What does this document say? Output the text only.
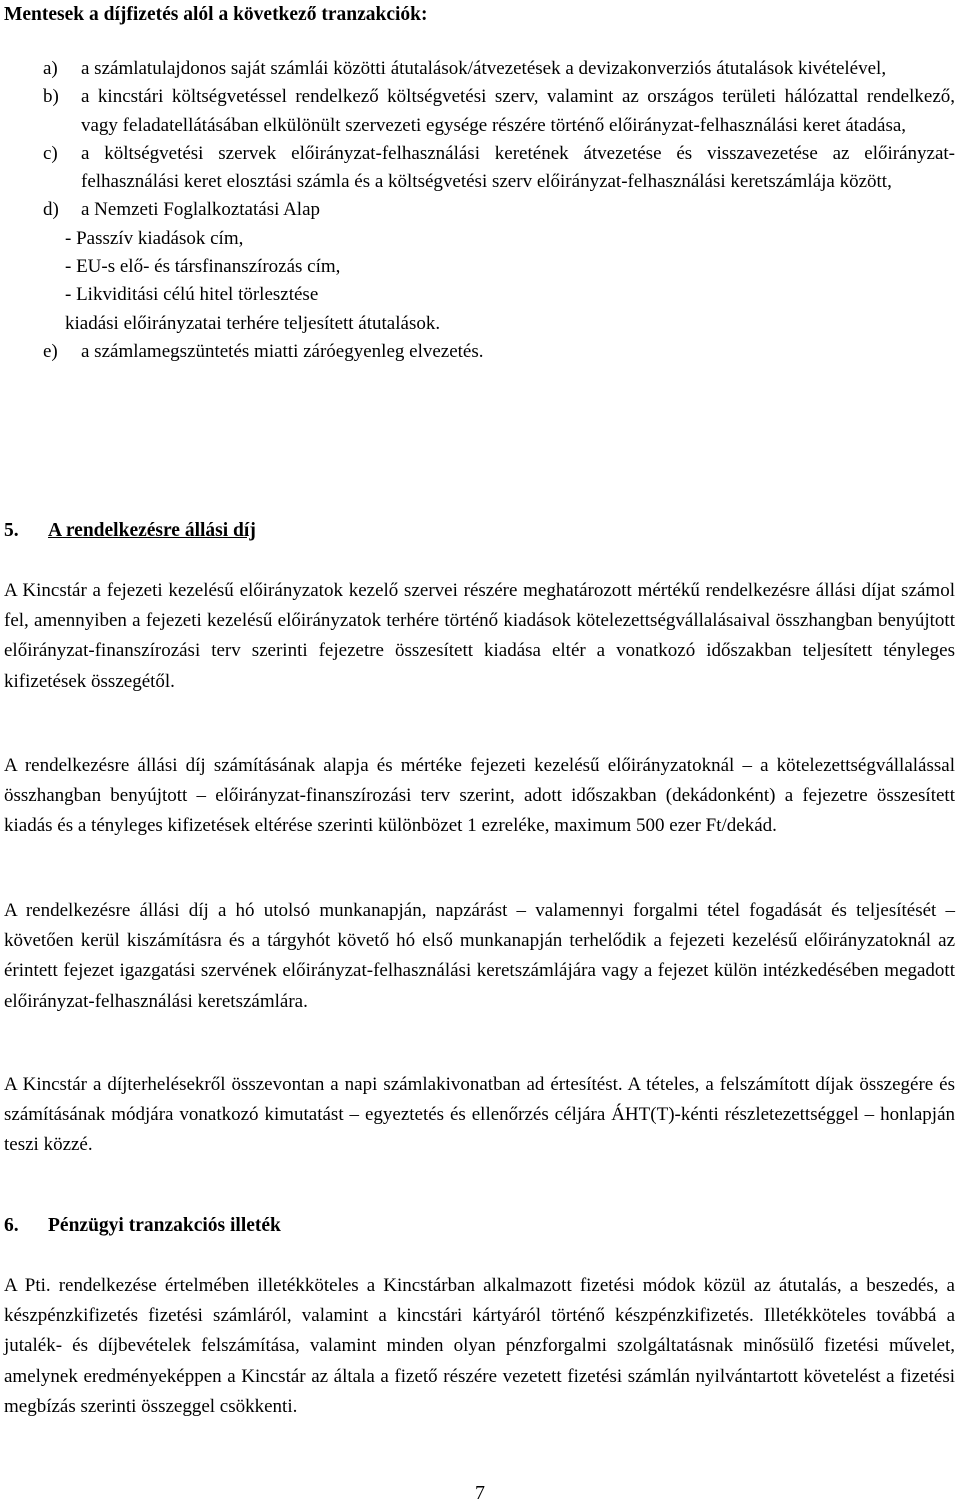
Mentesek a díjfizetés alól a következő tranzakciók:
a)	a számlatulajdonos saját számlái közötti átutalások/átvezetések a devizakonverziós átutalások kivételével,
b)	a kincstári költségvetéssel rendelkező költségvetési szerv, valamint az országos területi hálózattal rendelkező, vagy feladatellátásában elkülönült szervezeti egysége részére történő előirányzat-felhasználási keret átadása,
c)	a költségvetési szervek előirányzat-felhasználási keretének átvezetése és visszavezetése az előirányzat-felhasználási keret elosztási számla és a költségvetési szerv előirányzat-felhasználási keretszámlája között,
d)	a Nemzeti Foglalkoztatási Alap
- Passzív kiadások cím,
- EU-s elő- és társfinanszírozás cím,
- Likviditási célú hitel törlesztése
kiadási előirányzatai terhére teljesített átutalások.
e)	a számlamegszüntetés miatti záróegyenleg elvezetés.
5. A rendelkezésre állási díj
A Kincstár a fejezeti kezelésű előirányzatok kezelő szervei részére meghatározott mértékű rendelkezésre állási díjat számol fel, amennyiben a fejezeti kezelésű előirányzatok terhére történő kiadások kötelezettségvállalásaival összhangban benyújtott előirányzat-finanszírozási terv szerinti fejezetre összesített kiadása eltér a vonatkozó időszakban teljesített tényleges kifizetések összegétől.
A rendelkezésre állási díj számításának alapja és mértéke fejezeti kezelésű előirányzatoknál – a kötelezettségvállalással összhangban benyújtott – előirányzat-finanszírozási terv szerint, adott időszakban (dekádonként) a fejezetre összesített kiadás és a tényleges kifizetések eltérése szerinti különbözet 1 ezreléke, maximum 500 ezer Ft/dekád.
A rendelkezésre állási díj a hó utolsó munkanapján, napzárást – valamennyi forgalmi tétel fogadását és teljesítését – követően kerül kiszámításra és a tárgyhót követő hó első munkanapján terhelődik a fejezeti kezelésű előirányzatoknál az érintett fejezet igazgatási szervének előirányzat-felhasználási keretszámlájára vagy a fejezet külön intézkedésében megadott előirányzat-felhasználási keretszámlára.
A Kincstár a díjterhelésekről összevontan a napi számlakivonatban ad értesítést. A tételes, a felszámított díjak összegére és számításának módjára vonatkozó kimutatást – egyeztetés és ellenőrzés céljára ÁHT(T)-kénti részletezettséggel – honlapján teszi közzé.
6. Pénzügyi tranzakciós illeték
A Pti. rendelkezése értelmében illetékköteles a Kincstárban alkalmazott fizetési módok közül az átutalás, a beszedés, a készpénzkifizetés fizetési számláról, valamint a kincstári kártyáról történő készpénzkifizetés. Illetékköteles továbbá a jutalék- és díjbevételek felszámítása, valamint minden olyan pénzforgalmi szolgáltatásnak minősülő fizetési művelet, amelynek eredményeképpen a Kincstár az általa a fizető részére vezetett fizetési számlán nyilvántartott követelést a fizetési megbízás szerinti összeggel csökkenti.
7
